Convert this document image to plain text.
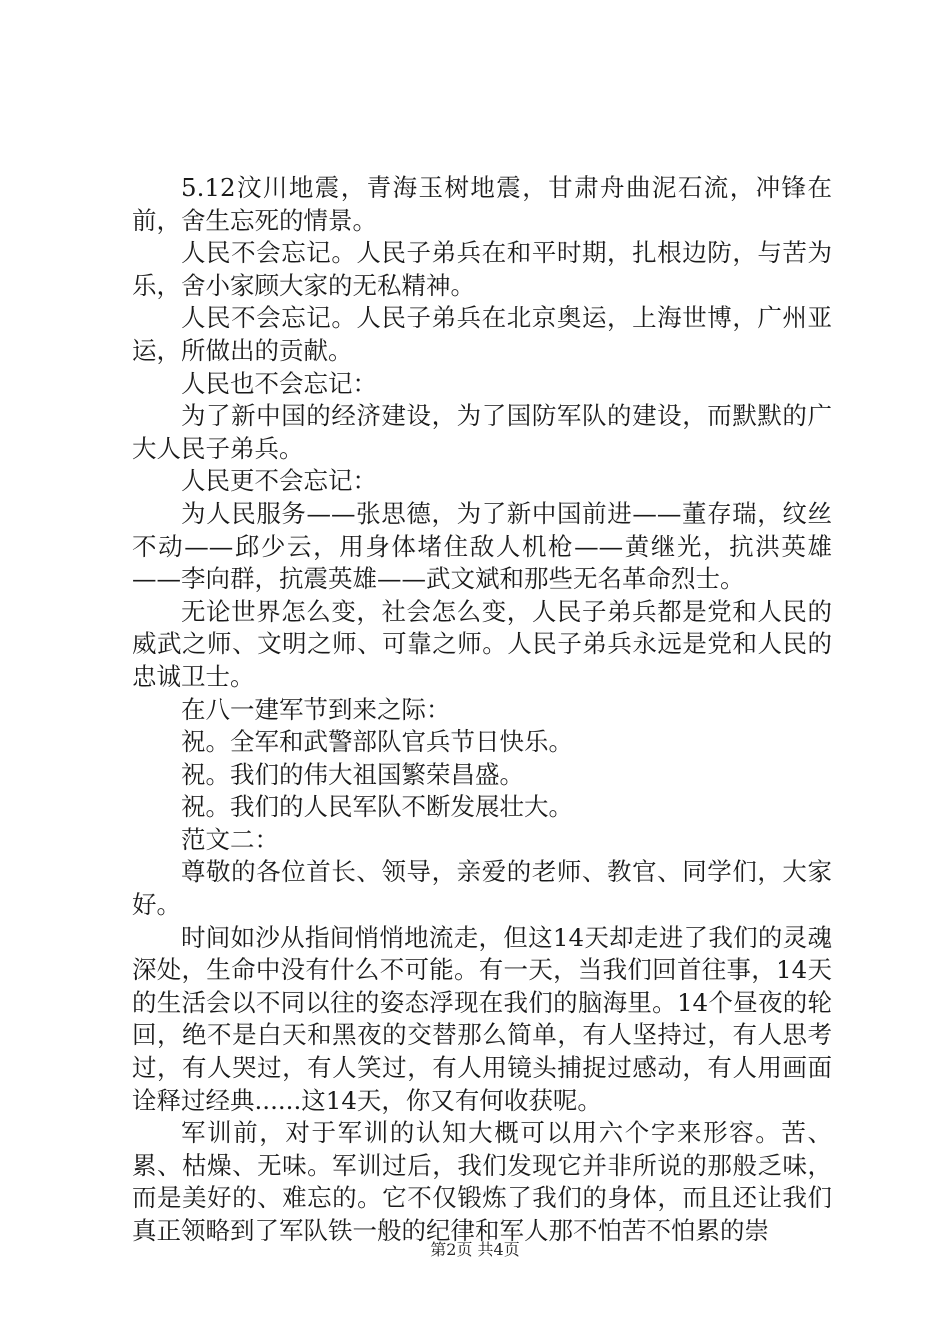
5.12汶川地震，青海玉树地震，甘肃舟曲泥石流，冲锋在前，舍生忘死的情景。

人民不会忘记。人民子弟兵在和平时期，扎根边防，与苦为乐，舍小家顾大家的无私精神。

人民不会忘记。人民子弟兵在北京奥运，上海世博，广州亚运，所做出的贡献。

人民也不会忘记：

为了新中国的经济建设，为了国防军队的建设，而默默的广大人民子弟兵。

人民更不会忘记：

为人民服务——张思德，为了新中国前进——董存瑞，纹丝不动——邱少云，用身体堵住敌人机枪——黄继光，抗洪英雄——李向群，抗震英雄——武文斌和那些无名革命烈士。

无论世界怎么变，社会怎么变，人民子弟兵都是党和人民的威武之师、文明之师、可靠之师。人民子弟兵永远是党和人民的忠诚卫士。

在八一建军节到来之际：

祝。全军和武警部队官兵节日快乐。

祝。我们的伟大祖国繁荣昌盛。

祝。我们的人民军队不断发展壮大。

范文二：

尊敬的各位首长、领导，亲爱的老师、教官、同学们，大家好。

时间如沙从指间悄悄地流走，但这14天却走进了我们的灵魂深处，生命中没有什么不可能。有一天，当我们回首往事，14天的生活会以不同以往的姿态浮现在我们的脑海里。14个昼夜的轮回，绝不是白天和黑夜的交替那么简单，有人坚持过，有人思考过，有人哭过，有人笑过，有人用镜头捕捉过感动，有人用画面诠释过经典......这14天，你又有何收获呢。

军训前，对于军训的认知大概可以用六个字来形容。苦、累、枯燥、无味。军训过后，我们发现它并非所说的那般乏味，而是美好的、难忘的。它不仅锻炼了我们的身体，而且还让我们真正领略到了军队铁一般的纪律和军人那不怕苦不怕累的崇

第2页 共4页
